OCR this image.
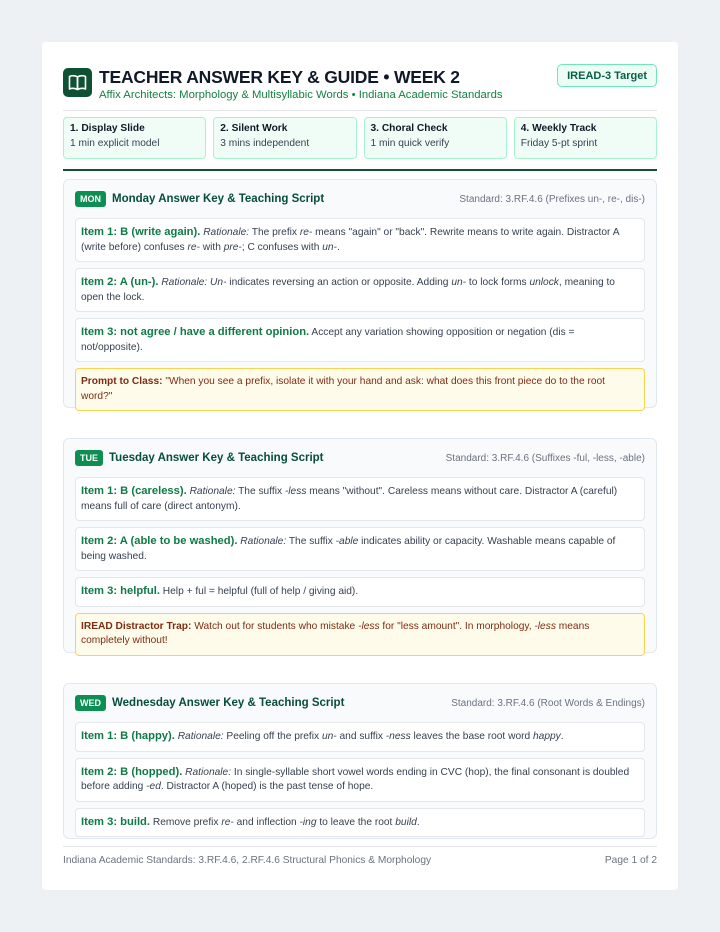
TEACHER ANSWER KEY & GUIDE • WEEK 2
Affix Architects: Morphology & Multisyllabic Words • Indiana Academic Standards
IREAD-3 Target
1. Display Slide
1 min explicit model
2. Silent Work
3 mins independent
3. Choral Check
1 min quick verify
4. Weekly Track
Friday 5-pt sprint
MON Monday Answer Key & Teaching Script	Standard: 3.RF.4.6 (Prefixes un-, re-, dis-)
Item 1: B (write again). Rationale: The prefix re- means "again" or "back". Rewrite means to write again. Distractor A (write before) confuses re- with pre-; C confuses with un-.
Item 2: A (un-). Rationale: Un- indicates reversing an action or opposite. Adding un- to lock forms unlock, meaning to open the lock.
Item 3: not agree / have a different opinion. Accept any variation showing opposition or negation (dis = not/opposite).
Prompt to Class: "When you see a prefix, isolate it with your hand and ask: what does this front piece do to the root word?"
TUE Tuesday Answer Key & Teaching Script	Standard: 3.RF.4.6 (Suffixes -ful, -less, -able)
Item 1: B (careless). Rationale: The suffix -less means "without". Careless means without care. Distractor A (careful) means full of care (direct antonym).
Item 2: A (able to be washed). Rationale: The suffix -able indicates ability or capacity. Washable means capable of being washed.
Item 3: helpful. Help + ful = helpful (full of help / giving aid).
IREAD Distractor Trap: Watch out for students who mistake -less for "less amount". In morphology, -less means completely without!
WED Wednesday Answer Key & Teaching Script	Standard: 3.RF.4.6 (Root Words & Endings)
Item 1: B (happy). Rationale: Peeling off the prefix un- and suffix -ness leaves the base root word happy.
Item 2: B (hopped). Rationale: In single-syllable short vowel words ending in CVC (hop), the final consonant is doubled before adding -ed. Distractor A (hoped) is the past tense of hope.
Item 3: build. Remove prefix re- and inflection -ing to leave the root build.
Indiana Academic Standards: 3.RF.4.6, 2.RF.4.6 Structural Phonics & Morphology	Page 1 of 2
